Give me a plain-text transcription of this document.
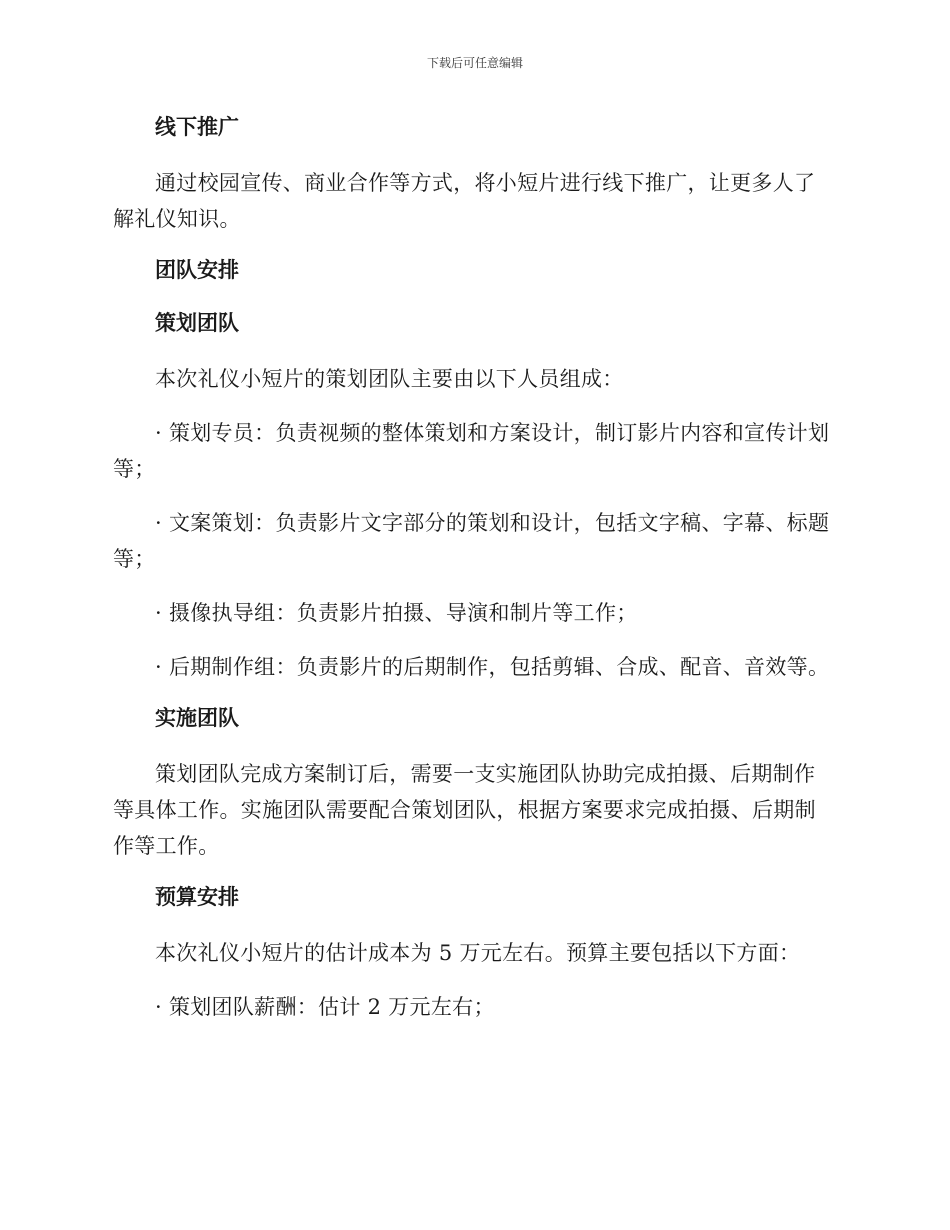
下载后可任意编辑
线下推广
通过校园宣传、商业合作等方式，将小短片进行线下推广，让更多人了解礼仪知识。
团队安排
策划团队
本次礼仪小短片的策划团队主要由以下人员组成：
· 策划专员：负责视频的整体策划和方案设计，制订影片内容和宣传计划等；
· 文案策划：负责影片文字部分的策划和设计，包括文字稿、字幕、标题等；
· 摄像执导组：负责影片拍摄、导演和制片等工作；
· 后期制作组：负责影片的后期制作，包括剪辑、合成、配音、音效等。
实施团队
策划团队完成方案制订后，需要一支实施团队协助完成拍摄、后期制作等具体工作。实施团队需要配合策划团队，根据方案要求完成拍摄、后期制作等工作。
预算安排
本次礼仪小短片的估计成本为 5 万元左右。预算主要包括以下方面：
· 策划团队薪酬：估计 2 万元左右；
